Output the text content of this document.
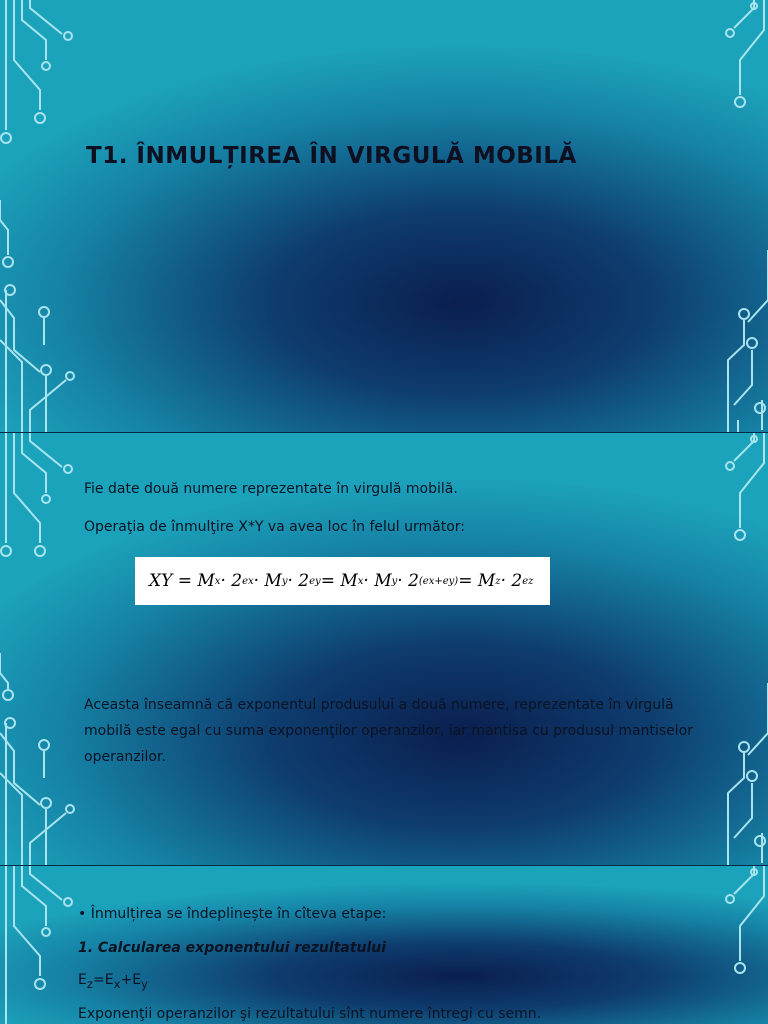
T1. ÎNMULȚIREA ÎN VIRGULĂ MOBILĂ
Fie date două numere reprezentate în virgulă mobilă.
Operaţia de înmulţire X*Y va avea loc în felul următor:
XY = M x · 2 ex · M y · 2 ey = M x · M y · 2 (ex+ey) = M z · 2 ez
Aceasta înseamnă că exponentul produsului a două numere, reprezentate în virgulă mobilă este egal cu suma exponenţilor operanzilor, iar mantisa cu produsul mantiselor operanzilor.
• Înmulțirea se îndeplinește în cîteva etape:
1. Calcularea exponentului rezultatului
$E_z=E_x+E_y$
Exponenţii operanzilor şi rezultatului sînt numere întregi cu semn.
